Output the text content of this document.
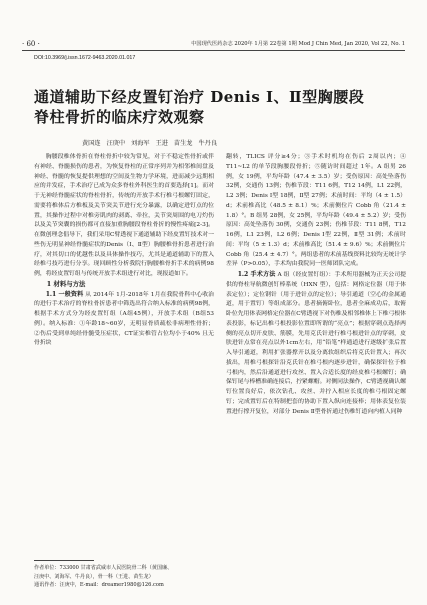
· 60 ·	中国现代医药杂志 2020年 1月第 22卷第 1期 Mod J Chin Med, Jan 2020, Vol 22, No. 1
DOI:10.3969/j.issn.1672-9463.2020.01.017
通道辅助下经皮置钉治疗 Denis Ⅰ、Ⅱ型胸腰段
脊柱骨折的临床疗效观察
黄国连 汪庚中 刘海军 王进 苗生龙 牛丹良

胸腰段椎体骨折在脊柱骨折中较为常见，对于不稳定性骨折或伴有神经、脊髓损伤的患者，为恢复脊柱的正常序列并为相邻椎间盘及神经、脊髓的恢复提供理想的空间及生物力学环境，进而减少远期相应的并发症，手术治疗已成为众多脊柱外科医生的首要选择[1]。而对于无神经脊髓症状的脊柱骨折，传统的开放手术行椎弓根螺钉固定，需要将椎体后方椎板及关节突关节进行充分暴露，以确定进钉点的位置，其操作过程中对椎旁肌肉的剥离、牵拉，关节突周围的电刀灼伤以及关节突囊的损伤都可直接加重胸腰段脊柱骨折的慢性疼痛[2-3]。在微创理念倡导下，我们采用C臂透视下通道辅助下经皮置钉技术对一些伤无明显神经脊髓症状的Denis（Ⅰ、Ⅱ型）胸腰椎骨折患者进行治疗，对其切口的优越性以及具体操作技巧，尤其是通道辅助下的置入经椎弓技巧进行分享。现回顾性分析我院行胸腰椎骨折手术的病例98例，将经皮置钉组与传统开放手术组进行对比，现报道如下。

1 材料与方法

1.1 一般资料 从 2014年 1月-2018年 1月在我院骨科中心收治的进行手术治疗的脊柱骨折患者中筛选出符合纳入标准的病例98例，根据手术方式分为经皮置钉组（A组45例），开放手术组（B组53例）。纳入标准：①年龄18~60岁，无明显骨质疏松非病理性骨折；②伤后受到单纯经骨髓受压症状，CT证实椎管占位均小于40% 且无骨折块

作者单位：733000 甘肃省武威市人民医院骨二科（黄国廉、

汪庚中、刘海军、牛丹良），骨一科（王进、苗生龙）

通讯作者：汪庚中，E-mail：dreamer1980@126.com

翻转，TLICS 评分≥4分；③手术时机均在伤后 2周以内；④ T11~L2 的单节段胸腰段骨折；⑤随访时间超过 1年。A 组男 26例，女 19例，平均年龄（47.4 ± 3.5）岁；受伤原因：高处坠落伤 32例，交通伤 13例；伤椎节段：T11 6例，T12 14例，L1 22例，L2 3例；Denis Ⅰ型 18例，Ⅱ型 27例；术前时间：平均（4 ± 1.5）d；术前椎高比（48.5 ± 8.1）%；术前侧位片 Cobb 角（21.4 ± 1.8）°。B 组男 28例，女 25例，平均年龄（49.4 ± 5.2）岁；受伤原因：高处坠落伤 30例，交通伤 23例；伤椎节段：T11 8例，T12 16例，L1 23例，L2 6例；Denis Ⅰ型 22例，Ⅱ型 31例；术前时间：平均（5 ± 1.3）d；术前椎高比（51.4 ± 9.6）%；术前侧位片 Cobb 角（25.4 ± 4.7）°。两组患者的术前基线资料比较均无统计学差异（P>0.05），手术均由我院同一医师团队完成。

1.2 手术方法 A 组（经皮置钉组）：手术所用器械为正天公司提供的脊柱导航微创钉棒系统（HXN 型），包括：网格定位器（用于体表定位）；定位钢针（用于进针点的定位）；导引通道（空心的金属通道，用于置钉）等组成部分。患者摘俯卧位，患者全麻成功后，取俯卧位先用体表网格定位器在C臂透视下对伤椎及相邻椎体上下椎弓根体表投影，标记出椎弓根投影位置即所谓的“亮点”；根据穿刺点选择两侧的亮点切开皮肤、筋膜，先用克氏针进行椎弓根进针点的穿刺，皮肤进针点常在亮点以外1cm左右，用“铅笔”样通道进行逐级扩张后置入导引通道，利用扩张器撑开以及分离软组织后将克氏针置入；再次拔出，用椎弓根探针沿克氏针在椎弓根内逐步进针，确保探针位于椎弓根内，然后沿通道进行攻丝、置入合适长度的经皮椎弓根螺钉；确保钉尾与棒槽准确连接后，拧紧螺帽。对侧同法操作，C臂透视确认螺钉位置良好后，依次钻孔、攻丝、并拧入相应长度的椎弓根固定螺钉；完成置钉后在特制把套的协助下置入纵向连接棒；用体表复位装置进行撑开复位，对部分 Denis Ⅱ型骨折通过伤椎钉道向内植人同种
